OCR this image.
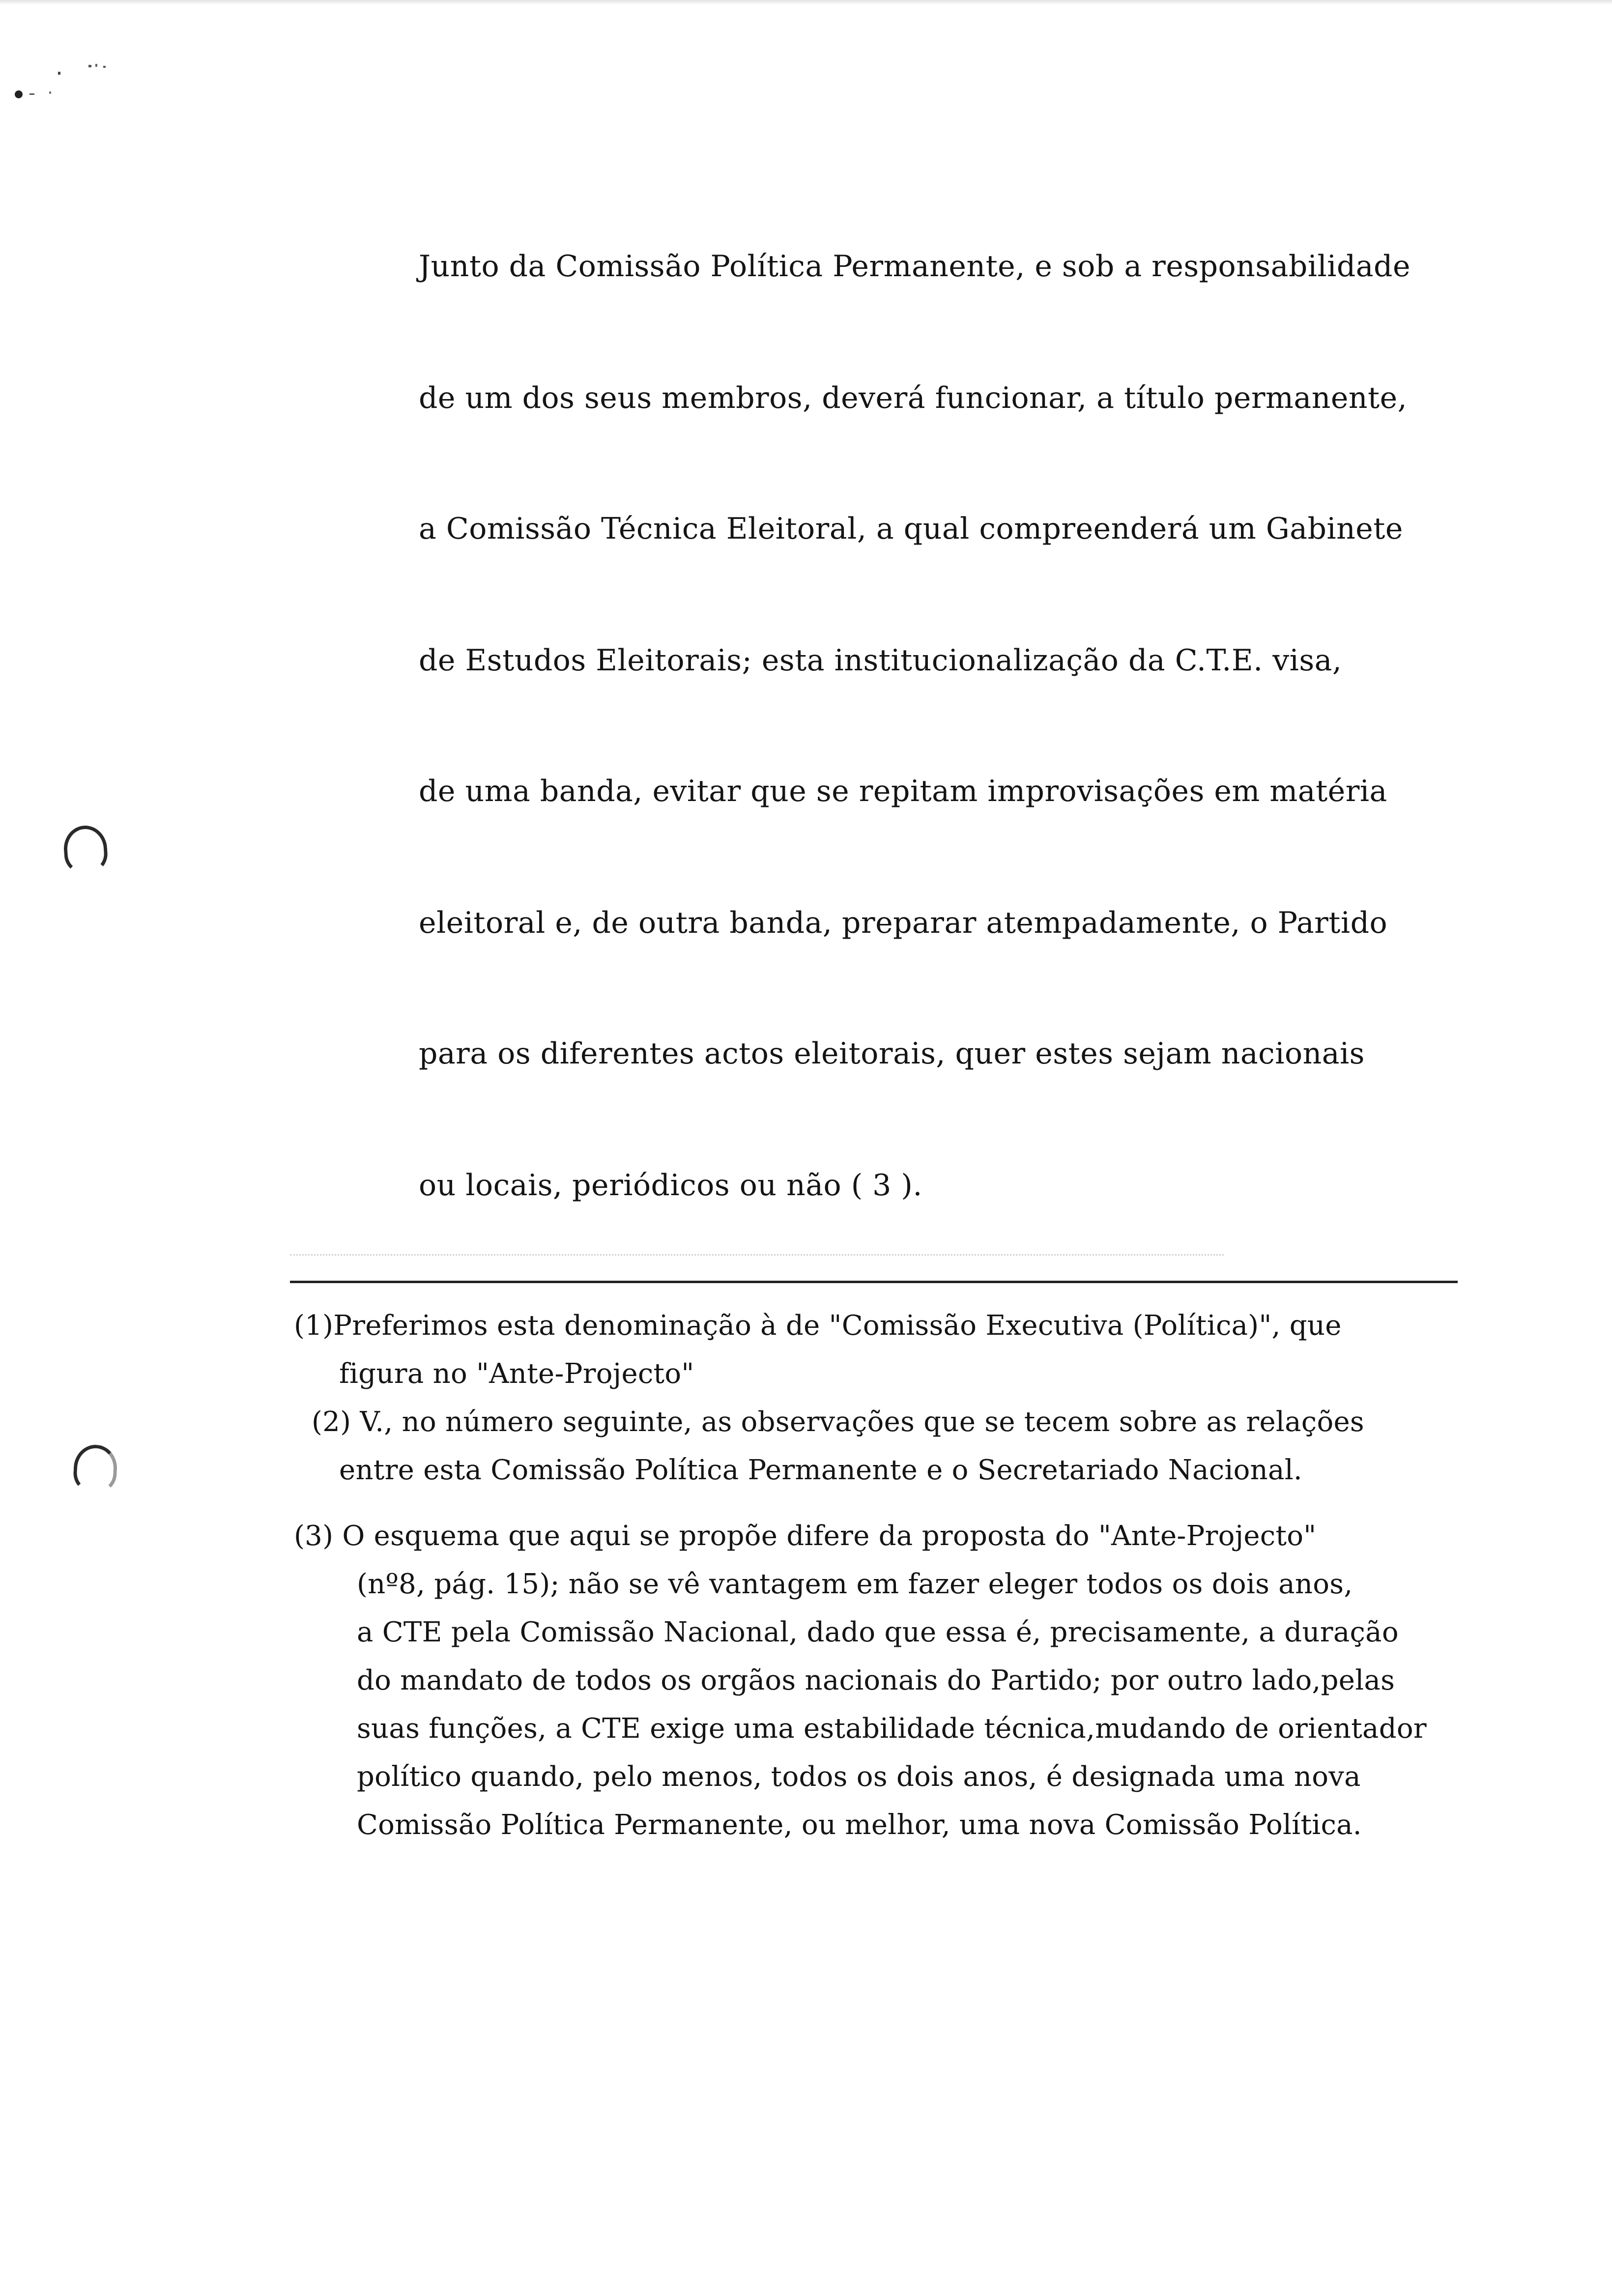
Junto da Comissão Política Permanente, e sob a responsabilidade
de um dos seus membros, deverá funcionar, a título permanente,
a Comissão Técnica Eleitoral, a qual compreenderá um Gabinete
de Estudos Eleitorais; esta institucionalização da C.T.E. visa,
de uma banda, evitar que se repitam improvisações em matéria
eleitoral e, de outra banda, preparar atempadamente, o Partido
para os diferentes actos eleitorais, quer estes sejam nacionais
ou locais, periódicos ou não ( 3 ).
(1)Preferimos esta denominação à de "Comissão Executiva (Política)", que
figura no "Ante-Projecto"
(2) V., no número seguinte, as observações que se tecem sobre as relações
entre esta Comissão Política Permanente e o Secretariado Nacional.
(3) O esquema que aqui se propõe difere da proposta do "Ante-Projecto"
(nº8, pág. 15); não se vê vantagem em fazer eleger todos os dois anos,
a CTE pela Comissão Nacional, dado que essa é, precisamente, a duração
do mandato de todos os orgãos nacionais do Partido; por outro lado,pelas
suas funções, a CTE exige uma estabilidade técnica,mudando de orientador
político quando, pelo menos, todos os dois anos, é designada uma nova
Comissão Política Permanente, ou melhor, uma nova Comissão Política.
